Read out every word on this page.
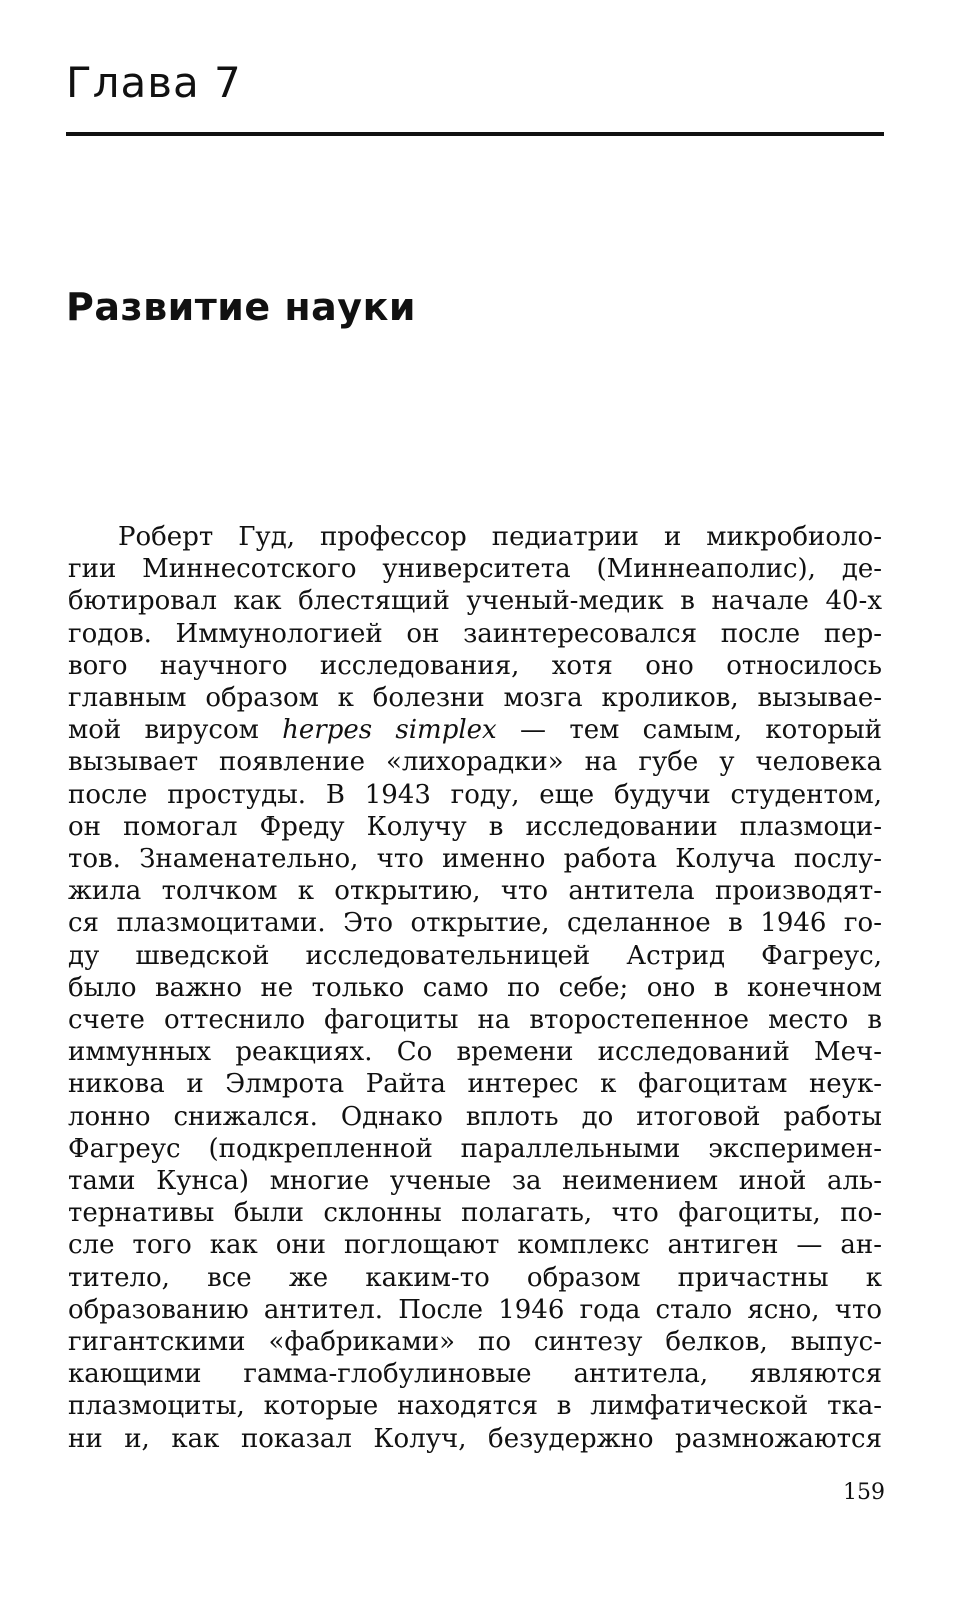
Глава 7
Развитие науки
Роберт Гуд, профессор педиатрии и микробиоло-
гии Миннесотского университета (Миннеаполис), де-
бютировал как блестящий ученый-медик в начале 40-х
годов. Иммунологией он заинтересовался после пер-
вого научного исследования, хотя оно относилось
главным образом к болезни мозга кроликов, вызывае-
мой вирусом herpes simplex — тем самым, который
вызывает появление «лихорадки» на губе у человека
после простуды. В 1943 году, еще будучи студентом,
он помогал Фреду Колучу в исследовании плазмоци-
тов. Знаменательно, что именно работа Колуча послу-
жила толчком к открытию, что антитела производят-
ся плазмоцитами. Это открытие, сделанное в 1946 го-
ду шведской исследовательницей Астрид Фагреус,
было важно не только само по себе; оно в конечном
счете оттеснило фагоциты на второстепенное место в
иммунных реакциях. Со времени исследований Меч-
никова и Элмрота Райта интерес к фагоцитам неук-
лонно снижался. Однако вплоть до итоговой работы
Фагреус (подкрепленной параллельными эксперимен-
тами Кунса) многие ученые за неимением иной аль-
тернативы были склонны полагать, что фагоциты, по-
сле того как они поглощают комплекс антиген — ан-
титело, все же каким-то образом причастны к
образованию антител. После 1946 года стало ясно, что
гигантскими «фабриками» по синтезу белков, выпус-
кающими гамма-глобулиновые антитела, являются
плазмоциты, которые находятся в лимфатической тка-
ни и, как показал Колуч, безудержно размножаются
159
